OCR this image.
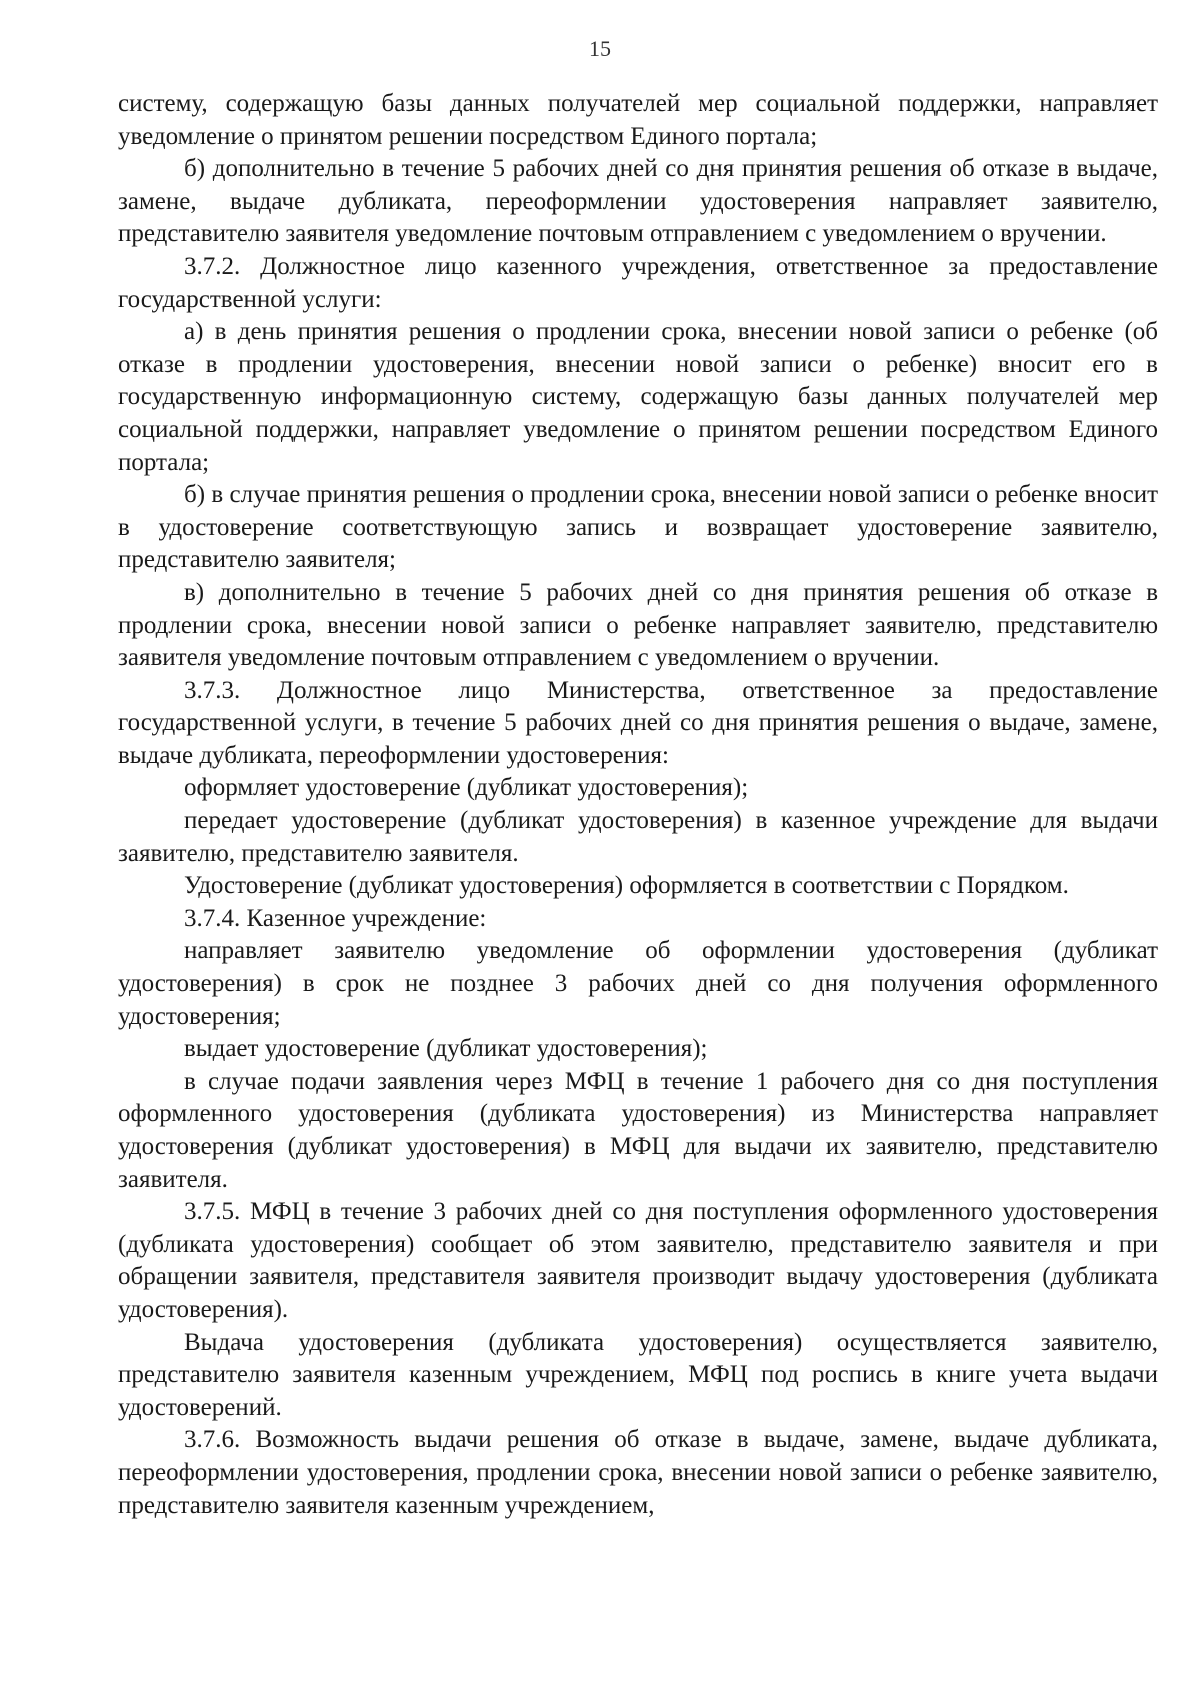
15

систему, содержащую базы данных получателей мер социальной поддержки, направляет уведомление о принятом решении посредством Единого портала;

б) дополнительно в течение 5 рабочих дней со дня принятия решения об отказе в выдаче, замене, выдаче дубликата, переоформлении удостоверения направляет заявителю, представителю заявителя уведомление почтовым отправлением с уведомлением о вручении.

3.7.2. Должностное лицо казенного учреждения, ответственное за предоставление государственной услуги:

а) в день принятия решения о продлении срока, внесении новой записи о ребенке (об отказе в продлении удостоверения, внесении новой записи о ребенке) вносит его в государственную информационную систему, содержащую базы данных получателей мер социальной поддержки, направляет уведомление о принятом решении посредством Единого портала;

б) в случае принятия решения о продлении срока, внесении новой записи о ребенке вносит в удостоверение соответствующую запись и возвращает удостоверение заявителю, представителю заявителя;

в) дополнительно в течение 5 рабочих дней со дня принятия решения об отказе в продлении срока, внесении новой записи о ребенке направляет заявителю, представителю заявителя уведомление почтовым отправлением с уведомлением о вручении.

3.7.3. Должностное лицо Министерства, ответственное за предоставление государственной услуги, в течение 5 рабочих дней со дня принятия решения о выдаче, замене, выдаче дубликата, переоформлении удостоверения:

оформляет удостоверение (дубликат удостоверения);

передает удостоверение (дубликат удостоверения) в казенное учреждение для выдачи заявителю, представителю заявителя.

Удостоверение (дубликат удостоверения) оформляется в соответствии с Порядком.

3.7.4. Казенное учреждение:

направляет заявителю уведомление об оформлении удостоверения (дубликат удостоверения) в срок не позднее 3 рабочих дней со дня получения оформленного удостоверения;

выдает удостоверение (дубликат удостоверения);

в случае подачи заявления через МФЦ в течение 1 рабочего дня со дня поступления оформленного удостоверения (дубликата удостоверения) из Министерства направляет удостоверения (дубликат удостоверения) в МФЦ для выдачи их заявителю, представителю заявителя.

3.7.5. МФЦ в течение 3 рабочих дней со дня поступления оформленного удостоверения (дубликата удостоверения) сообщает об этом заявителю, представителю заявителя и при обращении заявителя, представителя заявителя производит выдачу удостоверения (дубликата удостоверения).

Выдача удостоверения (дубликата удостоверения) осуществляется заявителю, представителю заявителя казенным учреждением, МФЦ под роспись в книге учета выдачи удостоверений.

3.7.6. Возможность выдачи решения об отказе в выдаче, замене, выдаче дубликата, переоформлении удостоверения, продлении срока, внесении новой записи о ребенке заявителю, представителю заявителя казенным учреждением,
